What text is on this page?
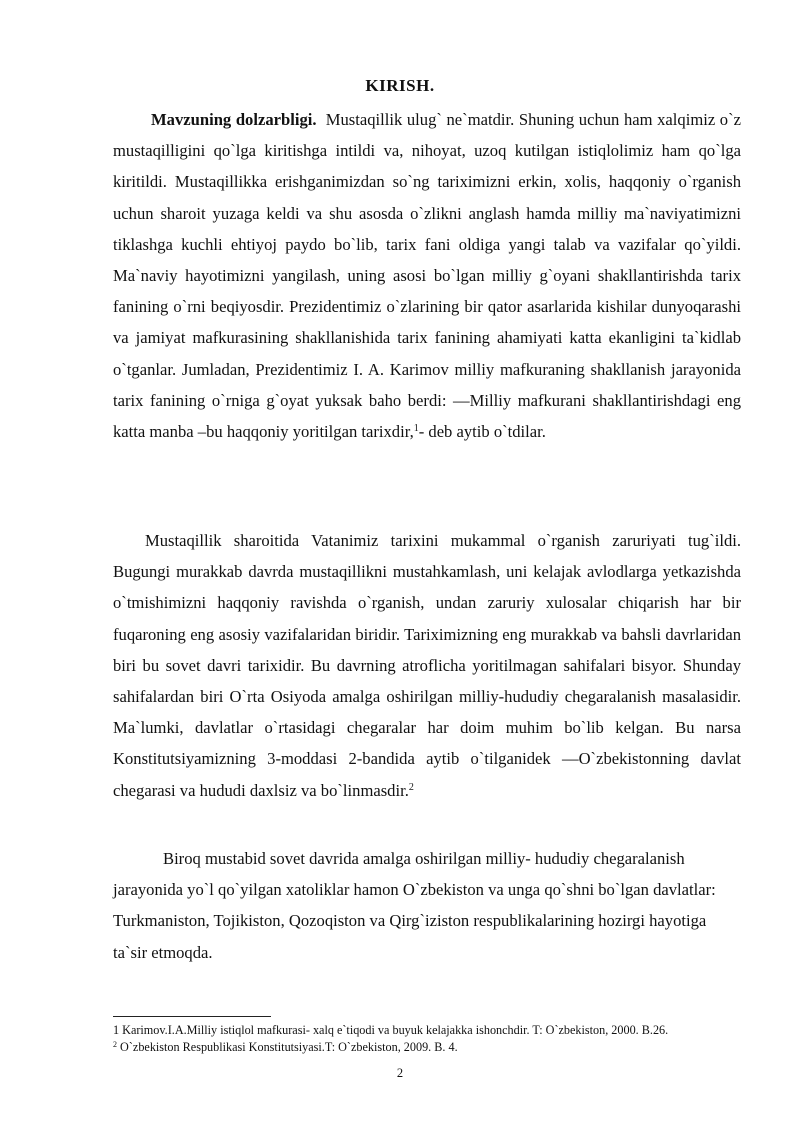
KIRISH.
Mavzuning dolzarbligi. Mustaqillik ulug` ne`matdir. Shuning uchun ham xalqimiz o`z mustaqilligini qo`lga kiritishga intildi va, nihoyat, uzoq kutilgan istiqlolimiz ham qo`lga kiritildi. Mustaqillikka erishganimizdan so`ng tariximizni erkin, xolis, haqqoniy o`rganish uchun sharoit yuzaga keldi va shu asosda o`zlikni anglash hamda milliy ma`naviyatimizni tiklashga kuchli ehtiyoj paydo bo`lib, tarix fani oldiga yangi talab va vazifalar qo`yildi. Ma`naviy hayotimizni yangilash, uning asosi bo`lgan milliy g`oyani shakllantirishda tarix fanining o`rni beqiyosdir. Prezidentimiz o`zlarining bir qator asarlarida kishilar dunyoqarashi va jamiyat mafkurasining shakllanishida tarix fanining ahamiyati katta ekanligini ta`kidlab o`tganlar. Jumladan, Prezidentimiz I. A. Karimov milliy mafkuraning shakllanish jarayonida tarix fanining o`rniga g`oyat yuksak baho berdi: —Milliy mafkurani shakllantirishdagi eng katta manba –bu haqqoniy yoritilgan tarixdir,$^1$- deb aytib o`tdilar.
Mustaqillik sharoitida Vatanimiz tarixini mukammal o`rganish zaruriyati tug`ildi. Bugungi murakkab davrda mustaqillikni mustahkamlash, uni kelajak avlodlarga yetkazishda o`tmishimizni haqqoniy ravishda o`rganish, undan zaruriy xulosalar chiqarish har bir fuqaroning eng asosiy vazifalaridan biridir. Tariximizning eng murakkab va bahsli davrlaridan biri bu sovet davri tarixidir. Bu davrning atroflicha yoritilmagan sahifalari bisyor. Shunday sahifalardan biri O`rta Osiyoda amalga oshirilgan milliy-hududiy chegaralanish masalasidir. Ma`lumki, davlatlar o`rtasidagi chegaralar har doim muhim bo`lib kelgan. Bu narsa Konstitutsiyamizning 3-moddasi 2-bandida aytib o`tilganidek —O`zbekistonning davlat chegarasi va hududi daxlsiz va bo`linmasdir.$^2$
Biroq mustabid sovet davrida amalga oshirilgan milliy- hududiy chegaralanish jarayonida yo`l qo`yilgan xatoliklar hamon O`zbekiston va unga qo`shni bo`lgan davlatlar: Turkmaniston, Tojikiston, Qozoqiston va Qirg`iziston respublikalarining hozirgi hayotiga ta`sir etmoqda.
1 Karimov.I.A.Milliy istiqlol mafkurasi- xalq e`tiqodi va buyuk kelajakka ishonchdir. T: O`zbekiston, 2000. B.26.
$^2$ O`zbekiston Respublikasi Konstitutsiyasi.T: O`zbekiston, 2009. B. 4.
2
